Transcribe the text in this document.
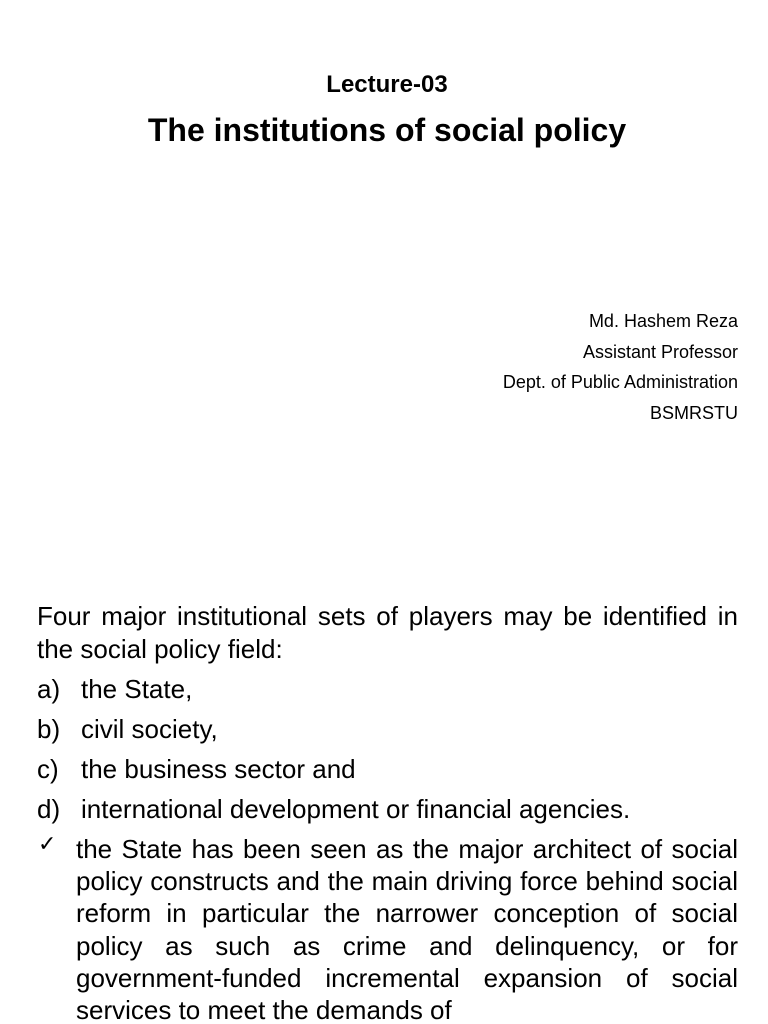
Lecture-03
The institutions of social policy
Md. Hashem Reza
Assistant Professor
Dept. of Public Administration
BSMRSTU

Four major institutional sets of players may be identified in the social policy field:

a) the State,
b) civil society,
c) the business sector and
d) international development or financial agencies.
✓ the State has been seen as the major architect of social policy constructs and the main driving force behind social reform in particular the narrower conception of social policy as such as crime and delinquency, or for government-funded incremental expansion of social services to meet the demands of
